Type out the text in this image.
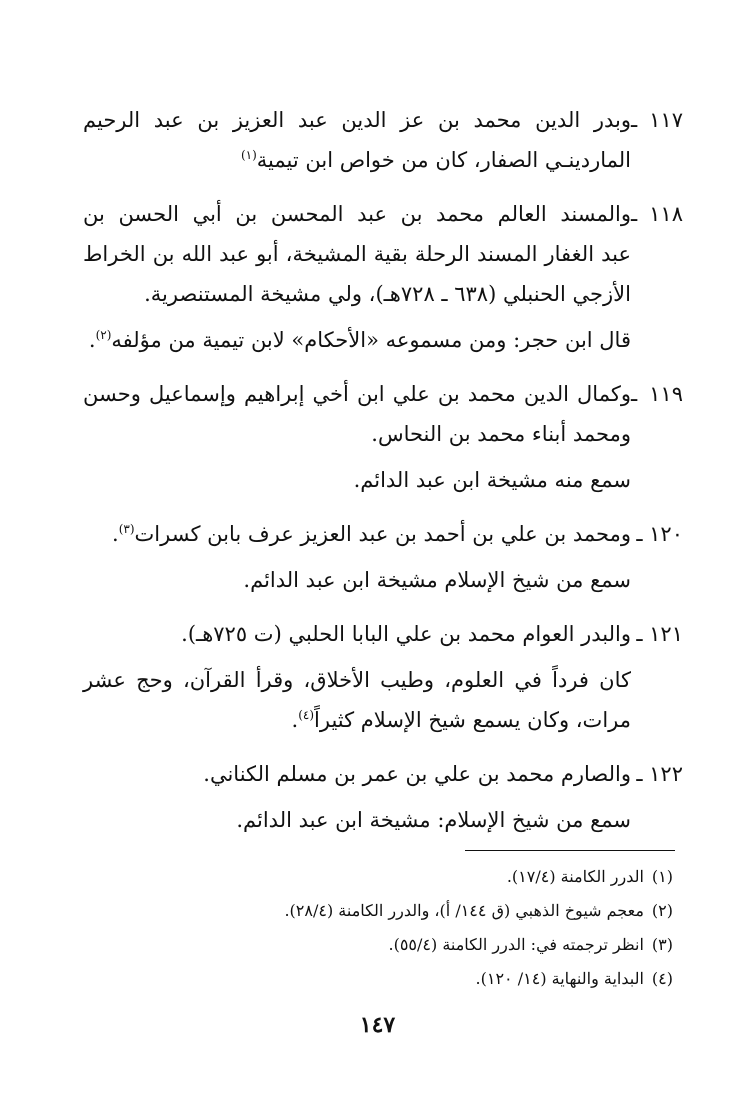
١١٧ ـوبدر الدين محمد بن عز الدين عبد العزيز بن عبد الرحيم
الماردينـي الصفار، كان من خواص ابن تيمية$^{(١)}$
١١٨ ـوالمسند العالم محمد بن عبد المحسن بن أبي الحسن بن
عبد الغفار المسند الرحلة بقية المشيخة، أبو عبد الله بن الخراط
الأزجي الحنبلي (٦٣٨ ـ ٧٢٨هـ)، ولي مشيخة المستنصرية.
قال ابن حجر: ومن مسموعه «الأحكام» لابن تيمية من مؤلفه$^{(٢)}$.
١١٩ ـوكمال الدين محمد بن علي ابن أخي إبراهيم وإسماعيل وحسن
ومحمد أبناء محمد بن النحاس.
سمع منه مشيخة ابن عبد الدائم.
١٢٠ ـومحمد بن علي بن أحمد بن عبد العزيز عرف بابن كسرات$^{(٣)}$.
سمع من شيخ الإسلام مشيخة ابن عبد الدائم.
١٢١ ـوالبدر العوام محمد بن علي البابا الحلبي (ت ٧٢٥هـ).
كان فرداً في العلوم، وطيب الأخلاق، وقرأ القرآن، وحج عشر
مرات، وكان يسمع شيخ الإسلام كثيراً$^{(٤)}$.
١٢٢ ـوالصارم محمد بن علي بن عمر بن مسلم الكناني.
سمع من شيخ الإسلام: مشيخة ابن عبد الدائم.
(١)الدرر الكامنة (١٧/٤).
(٢)معجم شيوخ الذهبي (ق ١٤٤/ أ)، والدرر الكامنة (٢٨/٤).
(٣)انظر ترجمته في: الدرر الكامنة (٥٥/٤).
(٤)البداية والنهاية (١٤/ ١٢٠).
١٤٧
